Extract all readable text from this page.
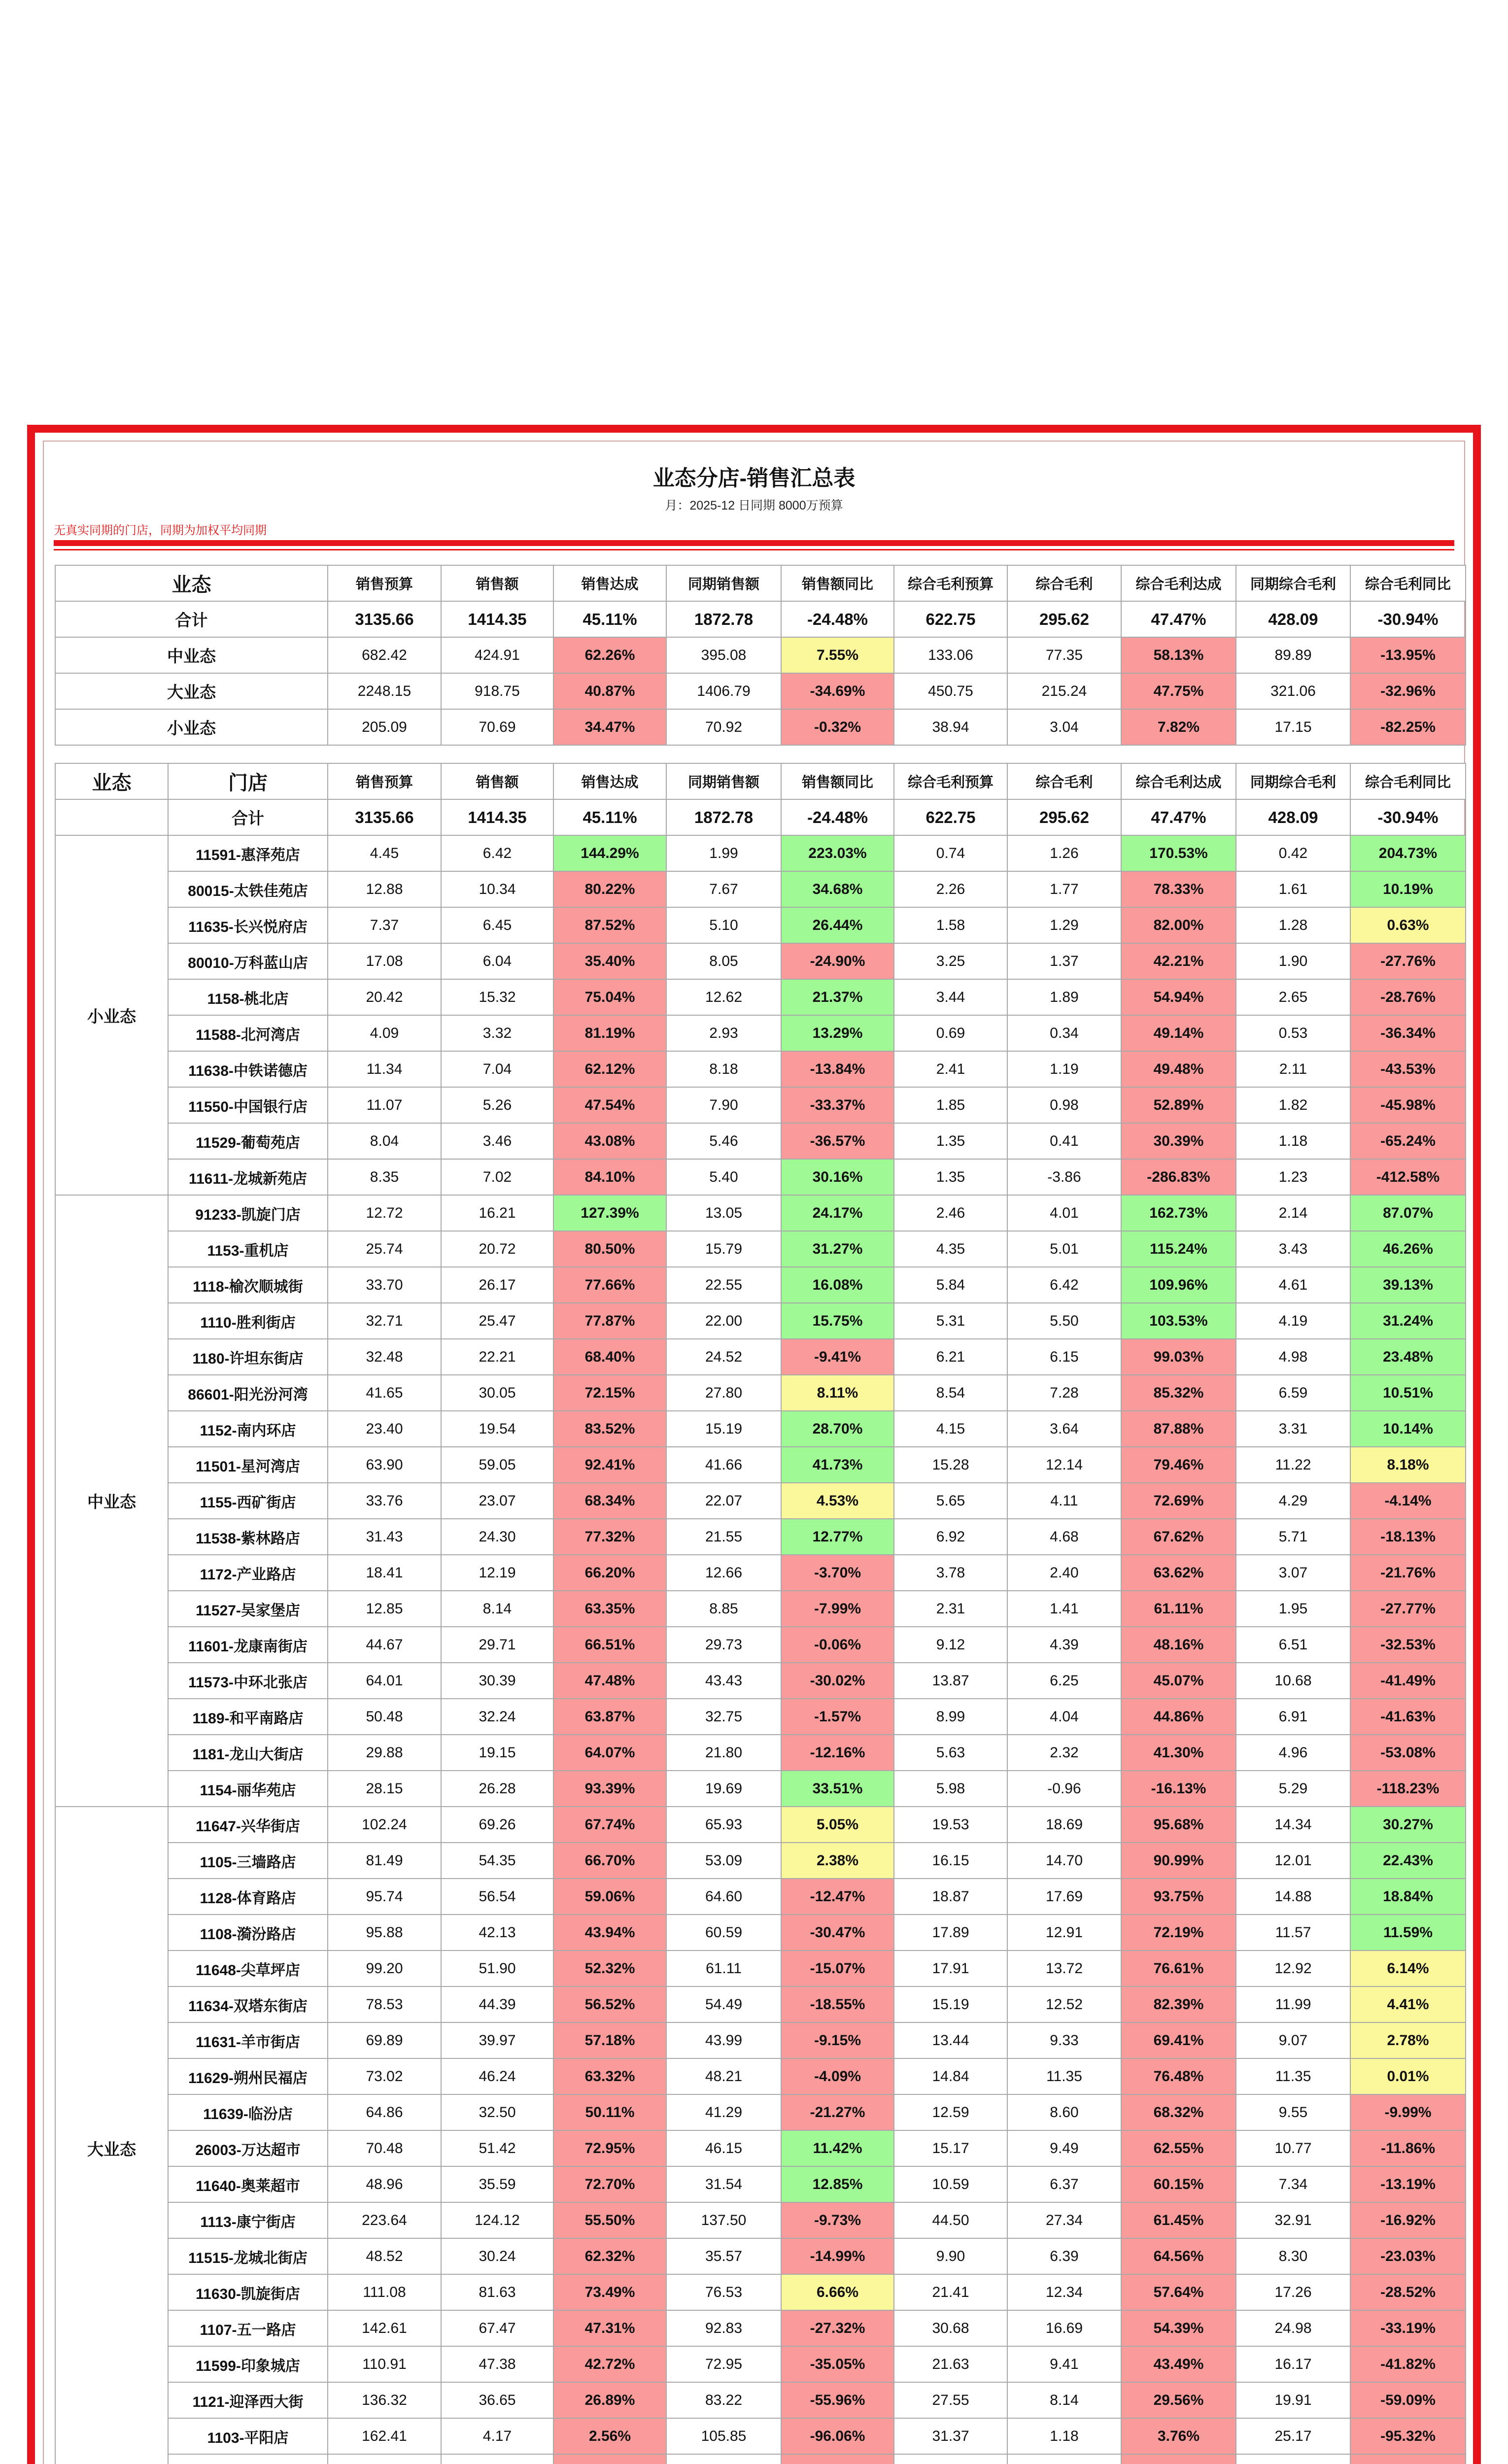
业态分店-销售汇总表
月：2025-12 日同期 8000万预算
无真实同期的门店，同期为加权平均同期
业态	销售预算	销售额	销售达成	同期销售额	销售额同比	综合毛利预算	综合毛利	综合毛利达成	同期综合毛利	综合毛利同比
合计	3135.66	1414.35	45.11%	1872.78	-24.48%	622.75	295.62	47.47%	428.09	-30.94%
中业态	682.42	424.91	62.26%	395.08	7.55%	133.06	77.35	58.13%	89.89	-13.95%
大业态	2248.15	918.75	40.87%	1406.79	-34.69%	450.75	215.24	47.75%	321.06	-32.96%
小业态	205.09	70.69	34.47%	70.92	-0.32%	38.94	3.04	7.82%	17.15	-82.25%
业态	门店	销售预算	销售额	销售达成	同期销售额	销售额同比	综合毛利预算	综合毛利	综合毛利达成	同期综合毛利	综合毛利同比
	合计	3135.66	1414.35	45.11%	1872.78	-24.48%	622.75	295.62	47.47%	428.09	-30.94%
小业态	11591-惠泽苑店	4.45	6.42	144.29%	1.99	223.03%	0.74	1.26	170.53%	0.42	204.73%
	80015-太铁佳苑店	12.88	10.34	80.22%	7.67	34.68%	2.26	1.77	78.33%	1.61	10.19%
	11635-长兴悦府店	7.37	6.45	87.52%	5.10	26.44%	1.58	1.29	82.00%	1.28	0.63%
	80010-万科蓝山店	17.08	6.04	35.40%	8.05	-24.90%	3.25	1.37	42.21%	1.90	-27.76%
	1158-桃北店	20.42	15.32	75.04%	12.62	21.37%	3.44	1.89	54.94%	2.65	-28.76%
	11588-北河湾店	4.09	3.32	81.19%	2.93	13.29%	0.69	0.34	49.14%	0.53	-36.34%
	11638-中铁诺德店	11.34	7.04	62.12%	8.18	-13.84%	2.41	1.19	49.48%	2.11	-43.53%
	11550-中国银行店	11.07	5.26	47.54%	7.90	-33.37%	1.85	0.98	52.89%	1.82	-45.98%
	11529-葡萄苑店	8.04	3.46	43.08%	5.46	-36.57%	1.35	0.41	30.39%	1.18	-65.24%
	11611-龙城新苑店	8.35	7.02	84.10%	5.40	30.16%	1.35	-3.86	-286.83%	1.23	-412.58%
中业态	91233-凯旋门店	12.72	16.21	127.39%	13.05	24.17%	2.46	4.01	162.73%	2.14	87.07%
	1153-重机店	25.74	20.72	80.50%	15.79	31.27%	4.35	5.01	115.24%	3.43	46.26%
	1118-榆次顺城街	33.70	26.17	77.66%	22.55	16.08%	5.84	6.42	109.96%	4.61	39.13%
	1110-胜利街店	32.71	25.47	77.87%	22.00	15.75%	5.31	5.50	103.53%	4.19	31.24%
	1180-许坦东街店	32.48	22.21	68.40%	24.52	-9.41%	6.21	6.15	99.03%	4.98	23.48%
	86601-阳光汾河湾	41.65	30.05	72.15%	27.80	8.11%	8.54	7.28	85.32%	6.59	10.51%
	1152-南内环店	23.40	19.54	83.52%	15.19	28.70%	4.15	3.64	87.88%	3.31	10.14%
	11501-星河湾店	63.90	59.05	92.41%	41.66	41.73%	15.28	12.14	79.46%	11.22	8.18%
	1155-西矿街店	33.76	23.07	68.34%	22.07	4.53%	5.65	4.11	72.69%	4.29	-4.14%
	11538-紫林路店	31.43	24.30	77.32%	21.55	12.77%	6.92	4.68	67.62%	5.71	-18.13%
	1172-产业路店	18.41	12.19	66.20%	12.66	-3.70%	3.78	2.40	63.62%	3.07	-21.76%
	11527-吴家堡店	12.85	8.14	63.35%	8.85	-7.99%	2.31	1.41	61.11%	1.95	-27.77%
	11601-龙康南街店	44.67	29.71	66.51%	29.73	-0.06%	9.12	4.39	48.16%	6.51	-32.53%
	11573-中环北张店	64.01	30.39	47.48%	43.43	-30.02%	13.87	6.25	45.07%	10.68	-41.49%
	1189-和平南路店	50.48	32.24	63.87%	32.75	-1.57%	8.99	4.04	44.86%	6.91	-41.63%
	1181-龙山大街店	29.88	19.15	64.07%	21.80	-12.16%	5.63	2.32	41.30%	4.96	-53.08%
	1154-丽华苑店	28.15	26.28	93.39%	19.69	33.51%	5.98	-0.96	-16.13%	5.29	-118.23%
大业态	11647-兴华街店	102.24	69.26	67.74%	65.93	5.05%	19.53	18.69	95.68%	14.34	30.27%
	1105-三墙路店	81.49	54.35	66.70%	53.09	2.38%	16.15	14.70	90.99%	12.01	22.43%
	1128-体育路店	95.74	56.54	59.06%	64.60	-12.47%	18.87	17.69	93.75%	14.88	18.84%
	1108-漪汾路店	95.88	42.13	43.94%	60.59	-30.47%	17.89	12.91	72.19%	11.57	11.59%
	11648-尖草坪店	99.20	51.90	52.32%	61.11	-15.07%	17.91	13.72	76.61%	12.92	6.14%
	11634-双塔东街店	78.53	44.39	56.52%	54.49	-18.55%	15.19	12.52	82.39%	11.99	4.41%
	11631-羊市街店	69.89	39.97	57.18%	43.99	-9.15%	13.44	9.33	69.41%	9.07	2.78%
	11629-朔州民福店	73.02	46.24	63.32%	48.21	-4.09%	14.84	11.35	76.48%	11.35	0.01%
	11639-临汾店	64.86	32.50	50.11%	41.29	-21.27%	12.59	8.60	68.32%	9.55	-9.99%
	26003-万达超市	70.48	51.42	72.95%	46.15	11.42%	15.17	9.49	62.55%	10.77	-11.86%
	11640-奥莱超市	48.96	35.59	72.70%	31.54	12.85%	10.59	6.37	60.15%	7.34	-13.19%
	1113-康宁街店	223.64	124.12	55.50%	137.50	-9.73%	44.50	27.34	61.45%	32.91	-16.92%
	11515-龙城北街店	48.52	30.24	62.32%	35.57	-14.99%	9.90	6.39	64.56%	8.30	-23.03%
	11630-凯旋街店	111.08	81.63	73.49%	76.53	6.66%	21.41	12.34	57.64%	17.26	-28.52%
	1107-五一路店	142.61	67.47	47.31%	92.83	-27.32%	30.68	16.69	54.39%	24.98	-33.19%
	11599-印象城店	110.91	47.38	42.72%	72.95	-35.05%	21.63	9.41	43.49%	16.17	-41.82%
	1121-迎泽西大街	136.32	36.65	26.89%	83.22	-55.96%	27.55	8.14	29.56%	19.91	-59.09%
	1103-平阳店	162.41	4.17	2.56%	105.85	-96.06%	31.37	1.18	3.76%	25.17	-95.32%
